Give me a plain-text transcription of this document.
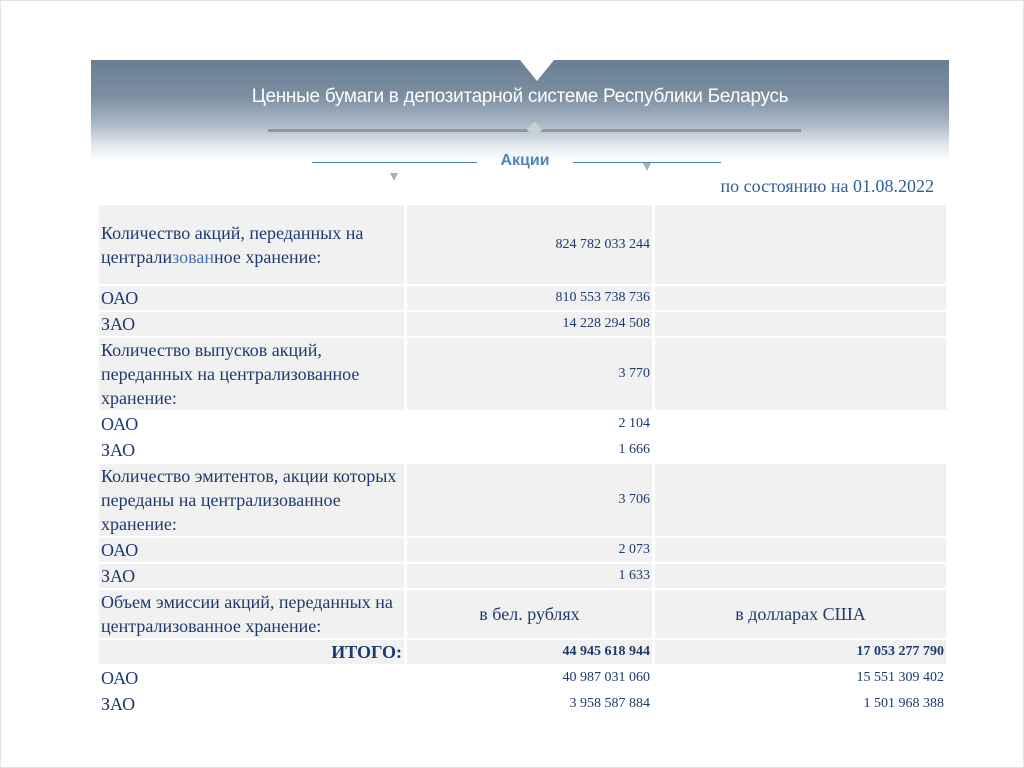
Ценные бумаги в депозитарной системе Республики Беларусь
Акции
по состоянию на 01.08.2022
Количество акций, переданных на централизованное хранение:	824 782 033 244	
ОАО	810 553 738 736	
ЗАО	14 228 294 508	
Количество выпусков акций, переданных на централизованное хранение:	3 770	
ОАО	2 104	
ЗАО	1 666	
Количество эмитентов, акции которых переданы на централизованное хранение:	3 706	
ОАО	2 073	
ЗАО	1 633	
Объем эмиссии акций, переданных на централизованное хранение:	в бел. рублях	в долларах США
ИТОГО:	44 945 618 944	17 053 277 790
ОАО	40 987 031 060	15 551 309 402
ЗАО	3 958 587 884	1 501 968 388
